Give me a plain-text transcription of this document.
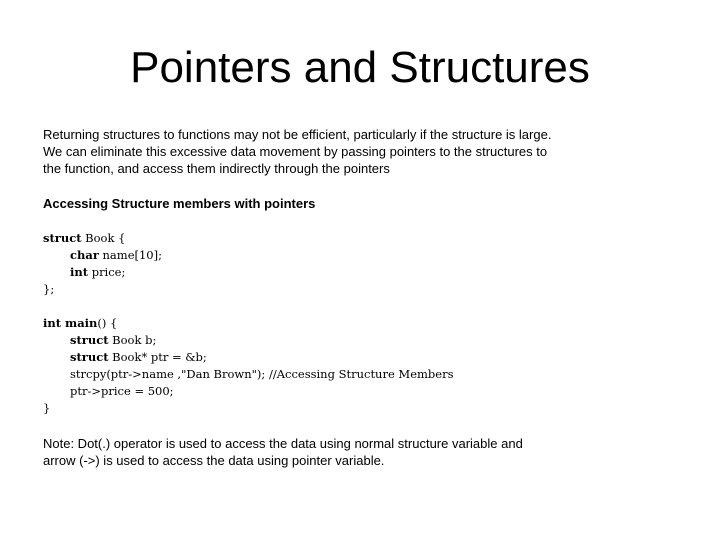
Pointers and Structures
Returning structures to functions may not be efficient, particularly if the structure is large.
We can eliminate this excessive data movement by passing pointers to the structures to
the function, and access them indirectly through the pointers
Accessing Structure members with pointers
struct Book {
char name[10];
int price;
};
int main() {
struct Book b;
struct Book* ptr = &b;
strcpy(ptr->name ,"Dan Brown"); //Accessing Structure Members
ptr->price = 500;
}
Note: Dot(.) operator is used to access the data using normal structure variable and
arrow (->) is used to access the data using pointer variable.
